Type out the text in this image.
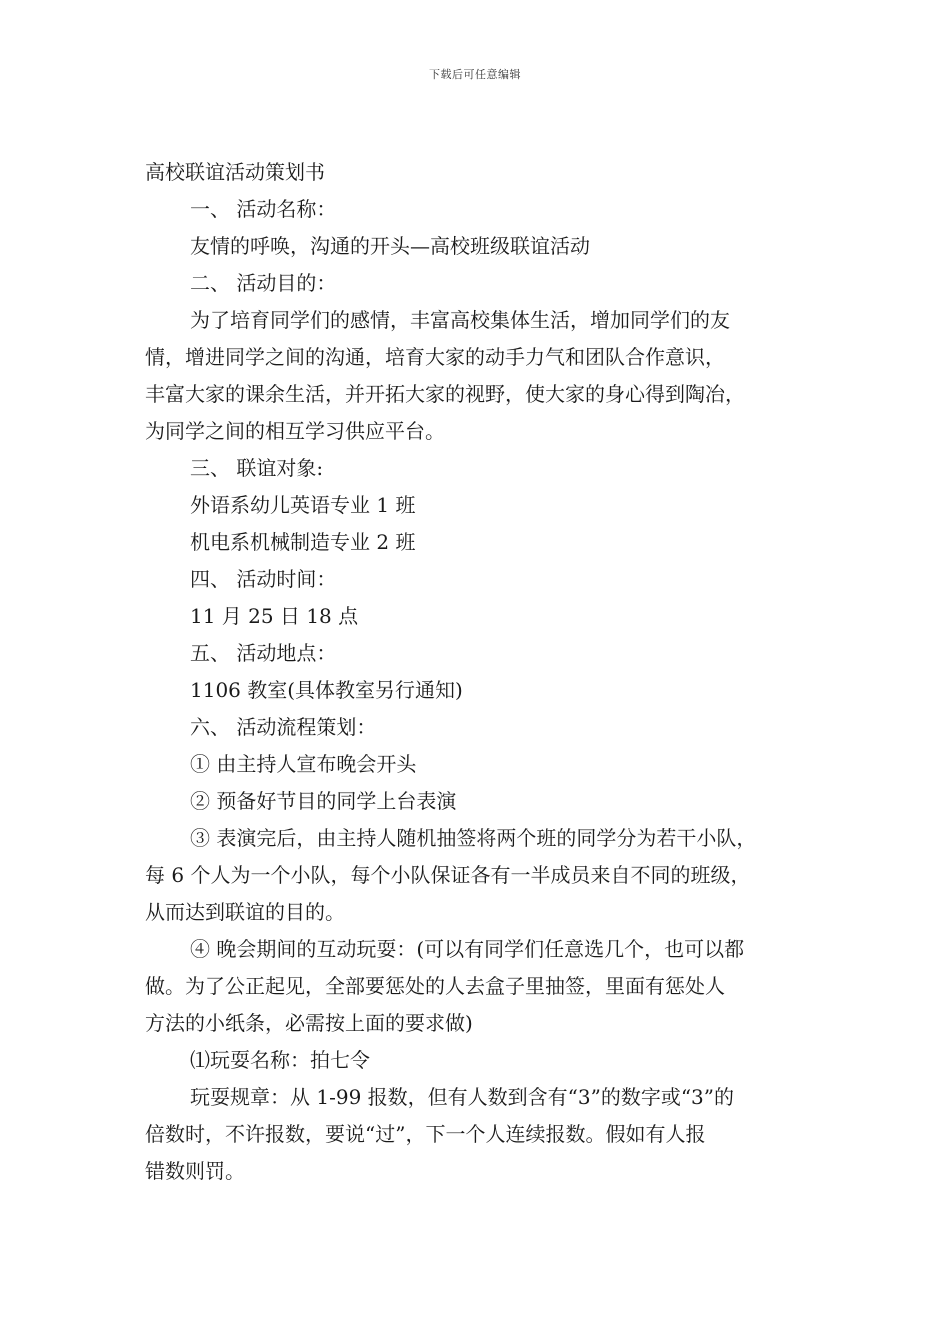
下载后可任意编辑
高校联谊活动策划书
一、 活动名称：
友情的呼唤，沟通的开头—高校班级联谊活动
二、 活动目的：
为了培育同学们的感情，丰富高校集体生活，增加同学们的友
情，增进同学之间的沟通，培育大家的动手力气和团队合作意识，
丰富大家的课余生活，并开拓大家的视野，使大家的身心得到陶冶，
为同学之间的相互学习供应平台。
三、 联谊对象:
外语系幼儿英语专业 1 班
机电系机械制造专业 2 班
四、 活动时间：
11 月 25 日 18 点
五、 活动地点：
1106 教室(具体教室另行通知)
六、 活动流程策划：
① 由主持人宣布晚会开头
② 预备好节目的同学上台表演
③ 表演完后，由主持人随机抽签将两个班的同学分为若干小队，
每 6 个人为一个小队，每个小队保证各有一半成员来自不同的班级，
从而达到联谊的目的。
④ 晚会期间的互动玩耍：(可以有同学们任意选几个，也可以都
做。为了公正起见，全部要惩处的人去盒子里抽签，里面有惩处人
方法的小纸条，必需按上面的要求做)
⑴玩耍名称：拍七令
玩耍规章：从 1-99 报数，但有人数到含有“3”的数字或“3”的
倍数时，不许报数，要说“过”，下一个人连续报数。假如有人报
错数则罚。
